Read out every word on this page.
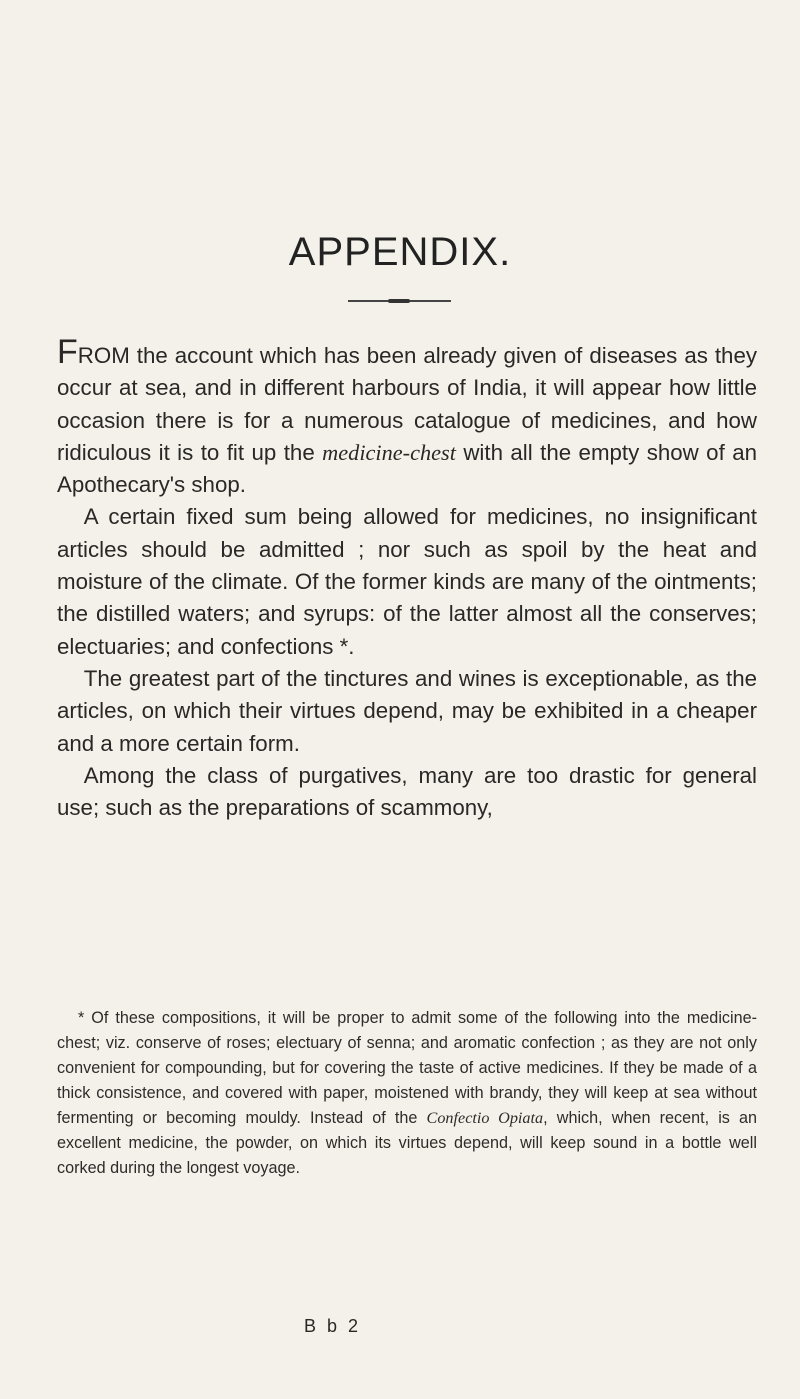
APPENDIX.

FROM the account which has been already given of diseases as they occur at sea, and in different harbours of India, it will appear how little occasion there is for a numerous catalogue of medicines, and how ridiculous it is to fit up the medicine-chest with all the empty show of an Apothecary's shop.

A certain fixed sum being allowed for medicines, no insignificant articles should be admitted ; nor such as spoil by the heat and moisture of the climate. Of the former kinds are many of the ointments; the distilled waters; and syrups: of the latter almost all the conserves; electuaries; and confections *.

The greatest part of the tinctures and wines is exceptionable, as the articles, on which their virtues depend, may be exhibited in a cheaper and a more certain form.

Among the class of purgatives, many are too drastic for general use; such as the preparations of scammony,

* Of these compositions, it will be proper to admit some of the following into the medicine-chest; viz. conserve of roses; electuary of senna; and aromatic confection ; as they are not only convenient for compounding, but for covering the taste of active medicines. If they be made of a thick consistence, and covered with paper, moistened with brandy, they will keep at sea without fermenting or becoming mouldy. Instead of the Confectio Opiata, which, when recent, is an excellent medicine, the powder, on which its virtues depend, will keep sound in a bottle well corked during the longest voyage.

B b 2
